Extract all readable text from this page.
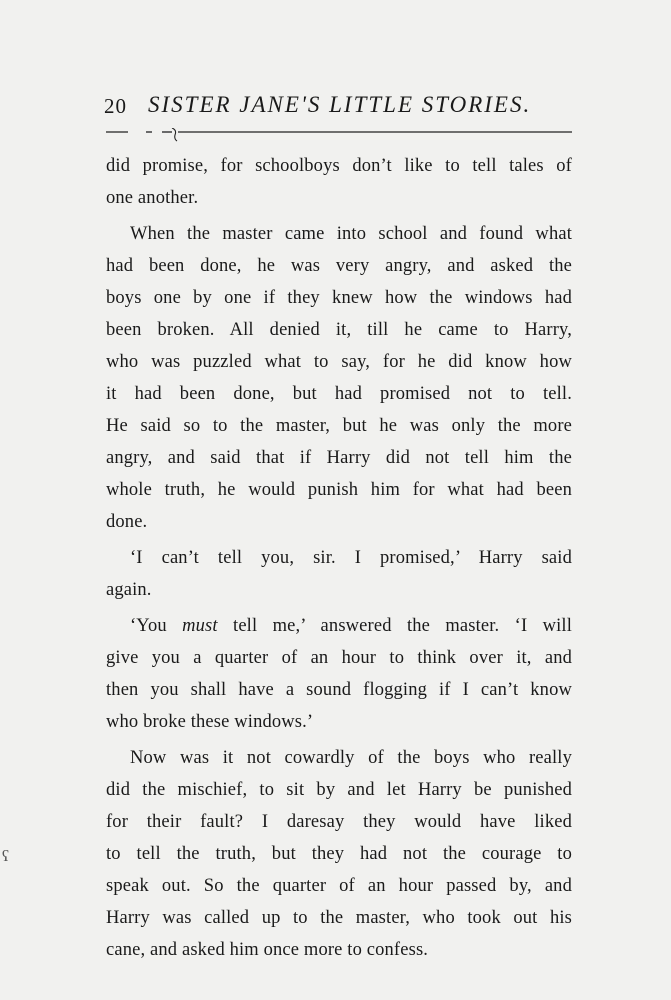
20 SISTER JANE'S LITTLE STORIES.
did promise, for schoolboys don’t like to tell tales of
one another.
When the master came into school and found what
had been done, he was very angry, and asked the
boys one by one if they knew how the windows had
been broken. All denied it, till he came to Harry,
who was puzzled what to say, for he did know how
it had been done, but had promised not to tell.
He said so to the master, but he was only the more
angry, and said that if Harry did not tell him the
whole truth, he would punish him for what had been
done.
‘I can’t tell you, sir. I promised,’ Harry said
again.
‘You must tell me,’ answered the master. ‘I will
give you a quarter of an hour to think over it, and
then you shall have a sound flogging if I can’t know
who broke these windows.’
Now was it not cowardly of the boys who really
did the mischief, to sit by and let Harry be punished
for their fault? I daresay they would have liked
to tell the truth, but they had not the courage to
speak out. So the quarter of an hour passed by, and
Harry was called up to the master, who took out his
cane, and asked him once more to confess.
ʕ
